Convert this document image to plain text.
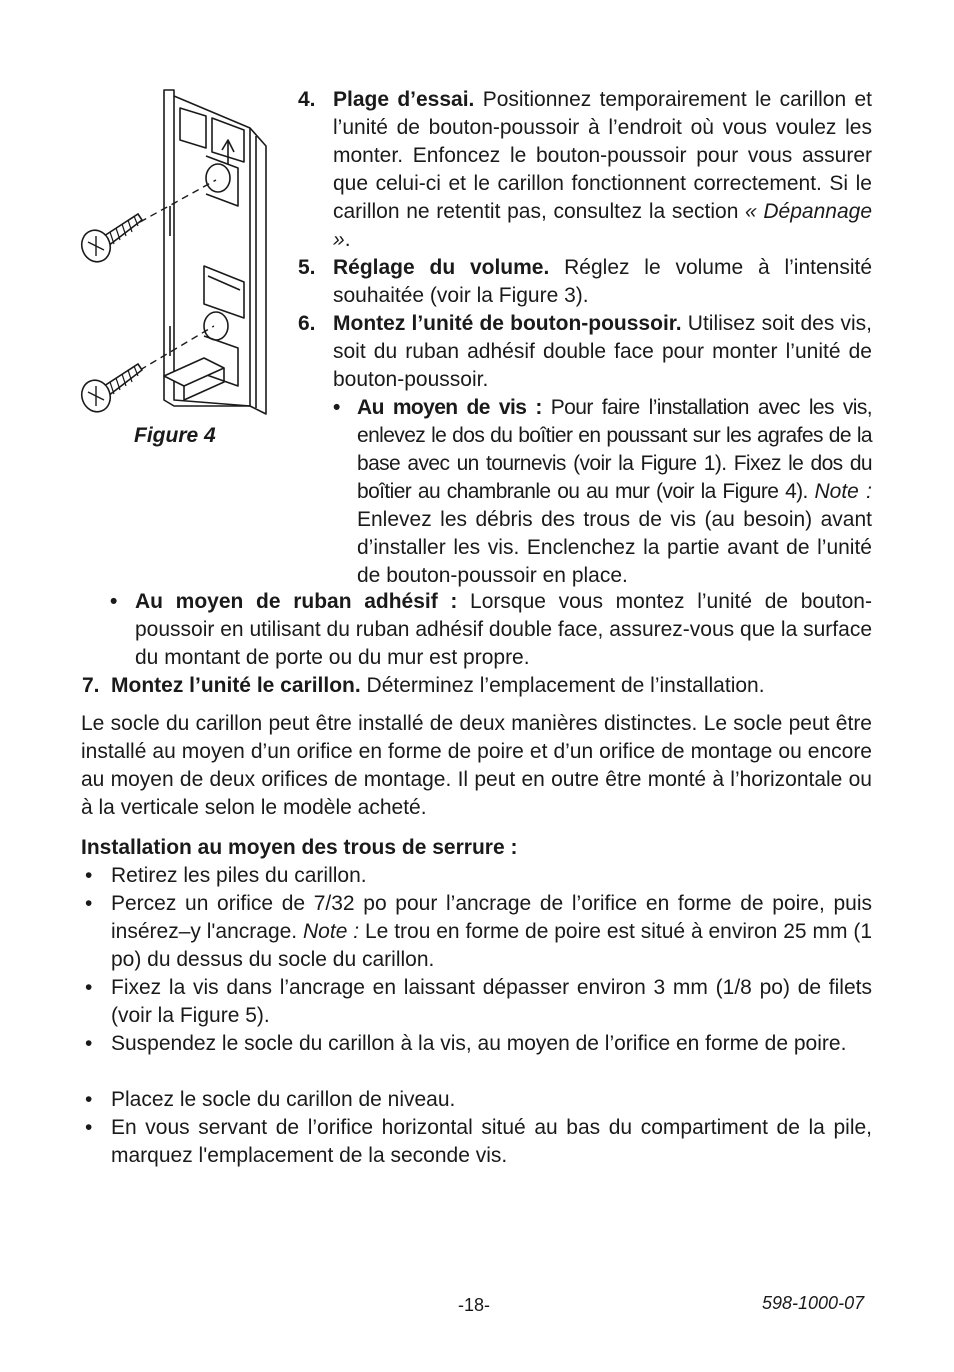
Figure 4
4. Plage d’essai. Positionnez temporairement le carillon et l’unité de bouton-poussoir à l’endroit où vous voulez les monter. Enfoncez le bouton-poussoir pour vous assurer que celui-ci et le carillon fonctionnent correctement. Si le carillon ne retentit pas, consultez la section « Dépannage ».
5. Réglage du volume. Réglez le volume à l’intensité souhaitée (voir la Figure 3).
6. Montez l’unité de bouton-poussoir. Utilisez soit des vis, soit du ruban adhésif double face pour monter l’unité de bouton-poussoir.
• Au moyen de vis : Pour faire l’installation avec les vis, enlevez le dos du boîtier en poussant sur les agrafes de la base avec un tournevis (voir la Figure 1). Fixez le dos du boîtier au chambranle ou au mur (voir la Figure 4). Note : Enlevez les débris des trous de vis (au besoin) avant d’installer les vis. Enclenchez la partie avant de l’unité de bouton-poussoir en place.
• Au moyen de ruban adhésif : Lorsque vous montez l’unité de bouton-poussoir en utilisant du ruban adhésif double face, assurez-vous que la surface du montant de porte ou du mur est propre.
7. Montez l’unité le carillon. Déterminez l’emplacement de l’installation.
Le socle du carillon peut être installé de deux manières distinctes. Le socle peut être installé au moyen d’un orifice en forme de poire et d’un orifice de montage ou encore au moyen de deux orifices de montage. Il peut en outre être monté à l’horizontale ou à la verticale selon le modèle acheté.
Installation au moyen des trous de serrure :
• Retirez les piles du carillon.
• Percez un orifice de 7/32 po pour l’ancrage de l’orifice en forme de poire, puis insérez–y l'ancrage. Note : Le trou en forme de poire est situé à environ 25 mm (1 po) du dessus du socle du carillon.
• Fixez la vis dans l’ancrage en laissant dépasser environ 3 mm (1/8 po) de filets (voir la Figure 5).
• Suspendez le socle du carillon à la vis, au moyen de l’orifice en forme de poire.
• Placez le socle du carillon de niveau.
• En vous servant de l’orifice horizontal situé au bas du compartiment de la pile, marquez l'emplacement de la seconde vis.
-18-	598-1000-07
